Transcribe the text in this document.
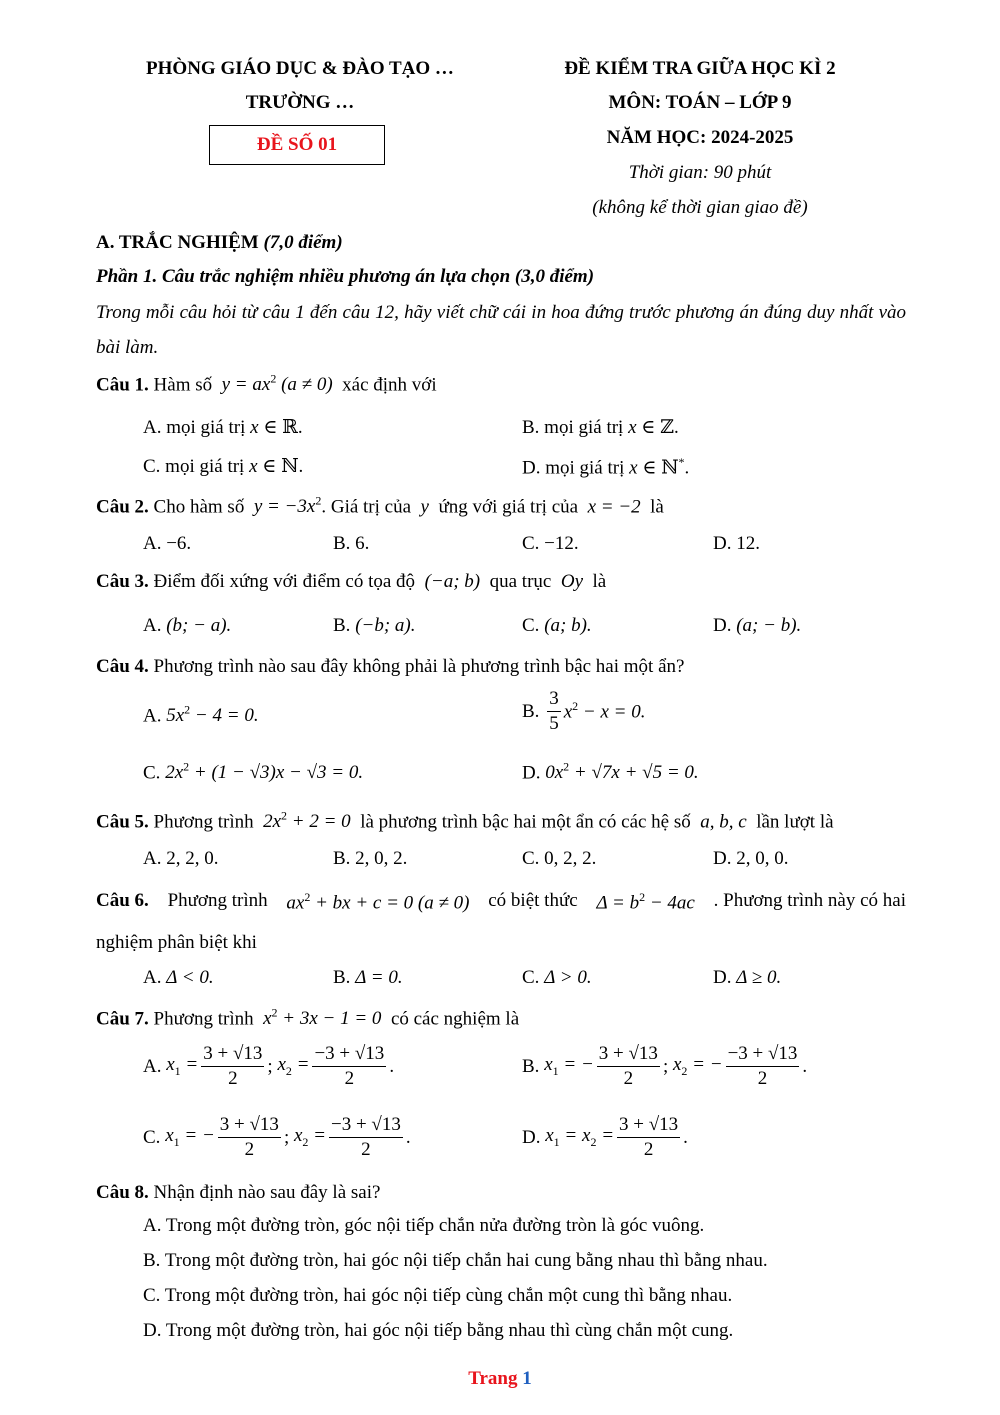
PHÒNG GIÁO DỤC & ĐÀO TẠO …
TRƯỜNG …
ĐỀ SỐ 01
ĐỀ KIỂM TRA GIỮA HỌC KÌ 2
MÔN: TOÁN – LỚP 9
NĂM HỌC: 2024-2025
Thời gian: 90 phút
(không kể thời gian giao đề)
A. TRẮC NGHIỆM (7,0 điểm)
Phần 1. Câu trắc nghiệm nhiều phương án lựa chọn (3,0 điểm)
Trong mỗi câu hỏi từ câu 1 đến câu 12, hãy viết chữ cái in hoa đứng trước phương án đúng duy nhất vào bài làm.
Câu 1. Hàm số  $y = ax^2$ (a ≠ 0)  xác định với
A. mọi giá trị x ∈ ℝ.	B. mọi giá trị x ∈ ℤ.
C. mọi giá trị x ∈ ℕ.	D. mọi giá trị x ∈ ℕ*.
Câu 2. Cho hàm số  $y = -3x^2$. Giá trị của  y  ứng với giá trị của  x = −2  là
A. −6.	B. 6.	C. −12.	D. 12.
Câu 3. Điểm đối xứng với điểm có tọa độ  (−a; b)  qua trục  Oy  là
A. (b; − a).	B. (−b; a).	C. (a; b).	D. (a; − b).
Câu 4. Phương trình nào sau đây không phải là phương trình bậc hai một ẩn?
A. $5x^2 - 4 = 0$.	B. $\frac{3}{5} x^2 - x = 0$.
C. $2x^2 + (1 - √3)x - √3 = 0$.	D. $0x^2 + √7x + √5 = 0$.
Câu 5. Phương trình  $2x^2 + 2 = 0$  là phương trình bậc hai một ẩn có các hệ số  a, b, c  lần lượt là
A. 2, 2, 0.	B. 2, 0, 2.	C. 0, 2, 2.	D. 2, 0, 0.
Câu 6. Phương trình $ax^2$ + bx + c = 0 (a ≠ 0) có biệt thức $\Delta = b^2 - 4ac$ . Phương trình này có hai
nghiệm phân biệt khi
A. Δ < 0.	B. Δ = 0.	C. Δ > 0.	D. Δ ≥ 0.
Câu 7. Phương trình  $x^2 + 3x - 1 = 0$  có các nghiệm là
A. $x_1 = \frac{3 + √13}{2}$ ; $x_2 = \frac{-3 + √13}{2}$ .	B. $x_1$ = − $\frac{3 + √13}{2}$ ; $x_2$ = − $\frac{-3 + √13}{2}$ .
C. $x_1$ = − $\frac{3 + √13}{2}$ ; $x_2 = \frac{-3 + √13}{2}$ .	D. $x_1 = x_2 = \frac{3 + √13}{2}$ .
Câu 8. Nhận định nào sau đây là sai?
A. Trong một đường tròn, góc nội tiếp chắn nửa đường tròn là góc vuông.
B. Trong một đường tròn, hai góc nội tiếp chắn hai cung bằng nhau thì bằng nhau.
C. Trong một đường tròn, hai góc nội tiếp cùng chắn một cung thì bằng nhau.
D. Trong một đường tròn, hai góc nội tiếp bằng nhau thì cùng chắn một cung.
Trang 1
